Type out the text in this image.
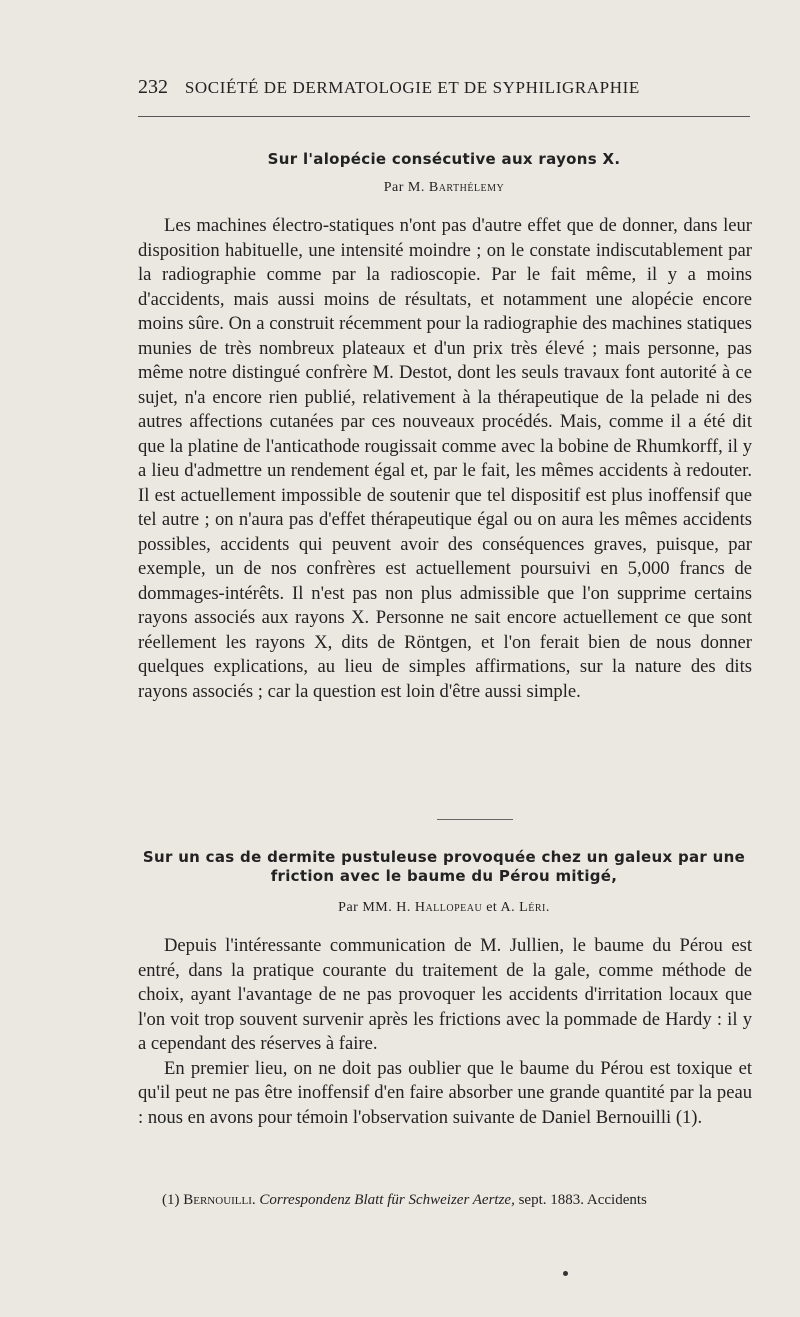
232 SOCIÉTÉ DE DERMATOLOGIE ET DE SYPHILIGRAPHIE
Sur l'alopécie consécutive aux rayons X.
Par M. Barthélemy

Les machines électro-statiques n'ont pas d'autre effet que de donner, dans leur disposition habituelle, une intensité moindre ; on le constate indiscutablement par la radiographie comme par la radioscopie. Par le fait même, il y a moins d'accidents, mais aussi moins de résultats, et notamment une alopécie encore moins sûre. On a construit récemment pour la radiographie des machines statiques munies de très nombreux plateaux et d'un prix très élevé ; mais personne, pas même notre distingué confrère M. Destot, dont les seuls travaux font autorité à ce sujet, n'a encore rien publié, relativement à la thérapeutique de la pelade ni des autres affections cutanées par ces nouveaux procédés. Mais, comme il a été dit que la platine de l'anticathode rougissait comme avec la bobine de Rhumkorff, il y a lieu d'admettre un rendement égal et, par le fait, les mêmes accidents à redouter. Il est actuellement impossible de soutenir que tel dispositif est plus inoffensif que tel autre ; on n'aura pas d'effet thérapeutique égal ou on aura les mêmes accidents possibles, accidents qui peuvent avoir des conséquences graves, puisque, par exemple, un de nos confrères est actuellement poursuivi en 5,000 francs de dommages-intérêts. Il n'est pas non plus admissible que l'on supprime certains rayons associés aux rayons X. Personne ne sait encore actuellement ce que sont réellement les rayons X, dits de Röntgen, et l'on ferait bien de nous donner quelques explications, au lieu de simples affirmations, sur la nature des dits rayons associés ; car la question est loin d'être aussi simple.

Sur un cas de dermite pustuleuse provoquée chez un galeux par une friction avec le baume du Pérou mitigé,
Par MM. H. Hallopeau et A. Léri.

Depuis l'intéressante communication de M. Jullien, le baume du Pérou est entré, dans la pratique courante du traitement de la gale, comme méthode de choix, ayant l'avantage de ne pas provoquer les accidents d'irritation locaux que l'on voit trop souvent survenir après les frictions avec la pommade de Hardy : il y a cependant des réserves à faire.

En premier lieu, on ne doit pas oublier que le baume du Pérou est toxique et qu'il peut ne pas être inoffensif d'en faire absorber une grande quantité par la peau : nous en avons pour témoin l'observation suivante de Daniel Bernouilli (1).

(1) Bernouilli. Correspondenz Blatt für Schweizer Aertze, sept. 1883. Accidents
